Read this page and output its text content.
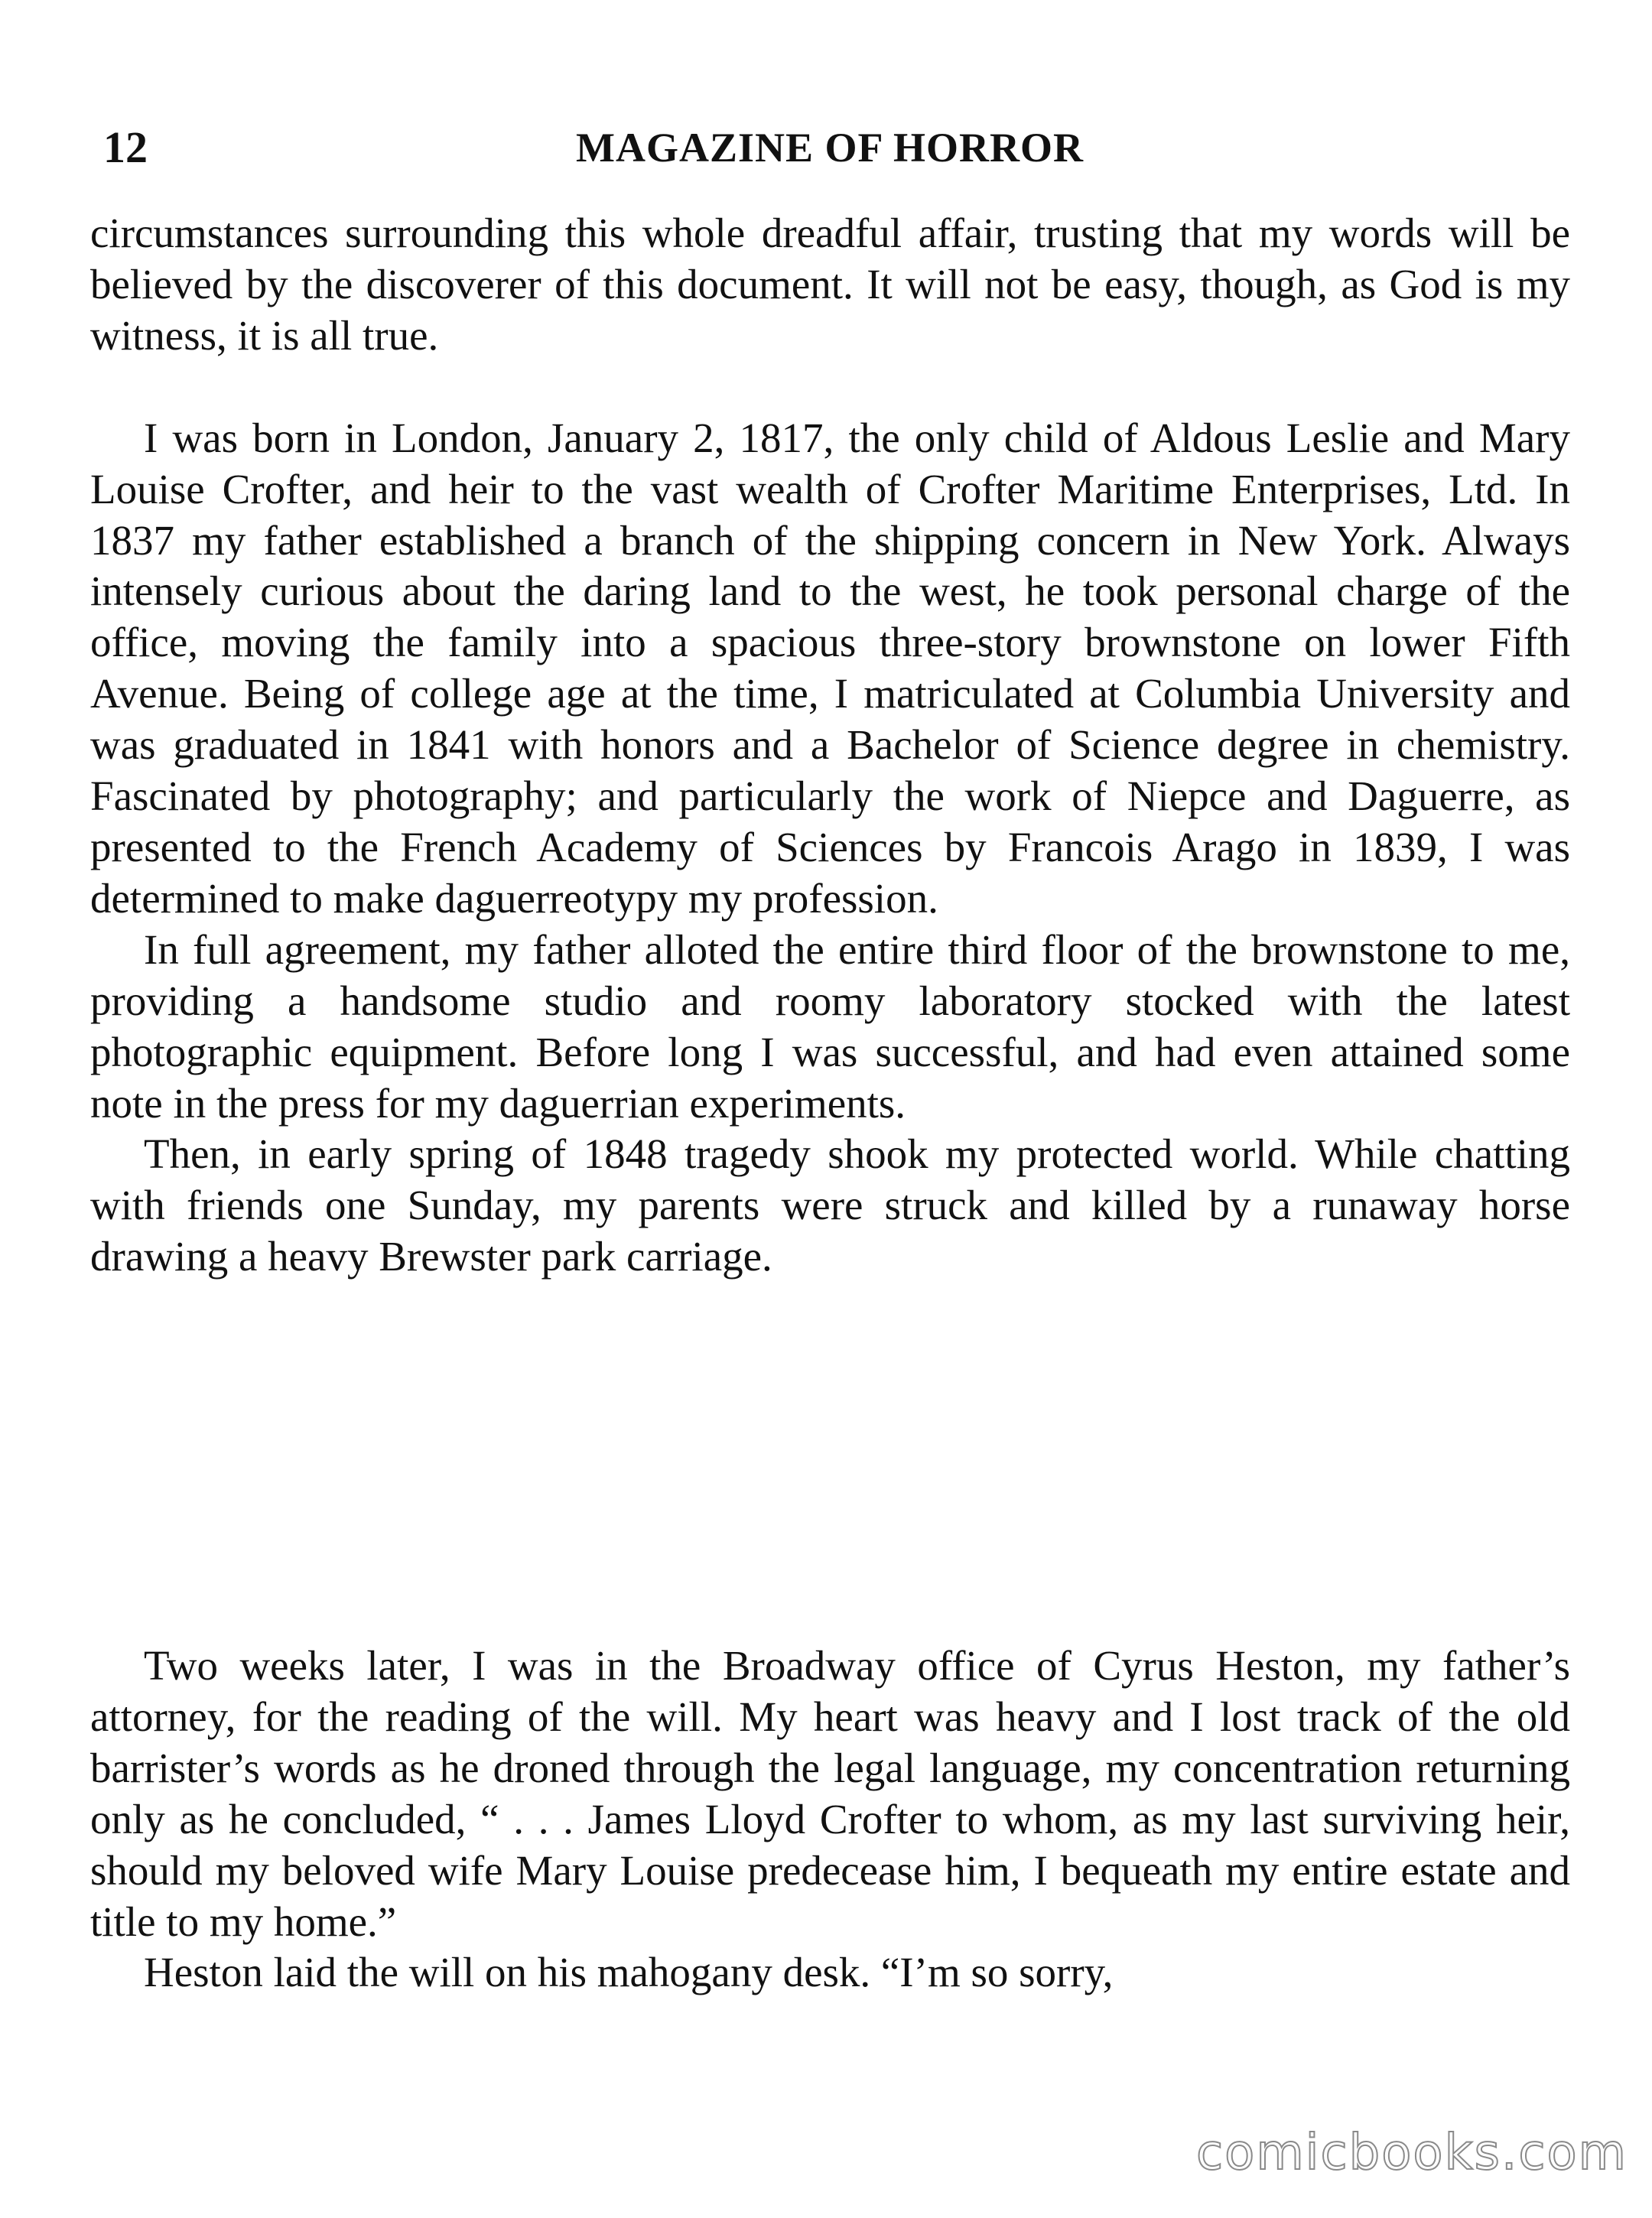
12	MAGAZINE OF HORROR

circumstances surrounding this whole dreadful affair, trusting that my words will be believed by the discoverer of this document. It will not be easy, though, as God is my witness, it is all true.

I was born in London, January 2, 1817, the only child of Aldous Leslie and Mary Louise Crofter, and heir to the vast wealth of Crofter Maritime Enterprises, Ltd. In 1837 my father established a branch of the shipping concern in New York. Always intensely curious about the daring land to the west, he took personal charge of the office, moving the family into a spacious three-story brownstone on lower Fifth Avenue. Being of college age at the time, I matriculated at Columbia University and was graduated in 1841 with honors and a Bachelor of Science degree in chemistry. Fascinated by photography; and particularly the work of Niepce and Daguerre, as presented to the French Academy of Sciences by Francois Arago in 1839, I was determined to make daguerreotypy my profession.

In full agreement, my father alloted the entire third floor of the brownstone to me, providing a handsome studio and roomy laboratory stocked with the latest photographic equipment. Before long I was successful, and had even attained some note in the press for my daguerrian experiments.

Then, in early spring of 1848 tragedy shook my protected world. While chatting with friends one Sunday, my parents were struck and killed by a runaway horse drawing a heavy Brewster park carriage.

Two weeks later, I was in the Broadway office of Cyrus Heston, my father’s attorney, for the reading of the will. My heart was heavy and I lost track of the old barrister’s words as he droned through the legal language, my concentration returning only as he concluded, “ . . . James Lloyd Crofter to whom, as my last surviving heir, should my beloved wife Mary Louise predecease him, I bequeath my entire estate and title to my home.”

Heston laid the will on his mahogany desk. “I’m so sorry,

comicbooks.com
